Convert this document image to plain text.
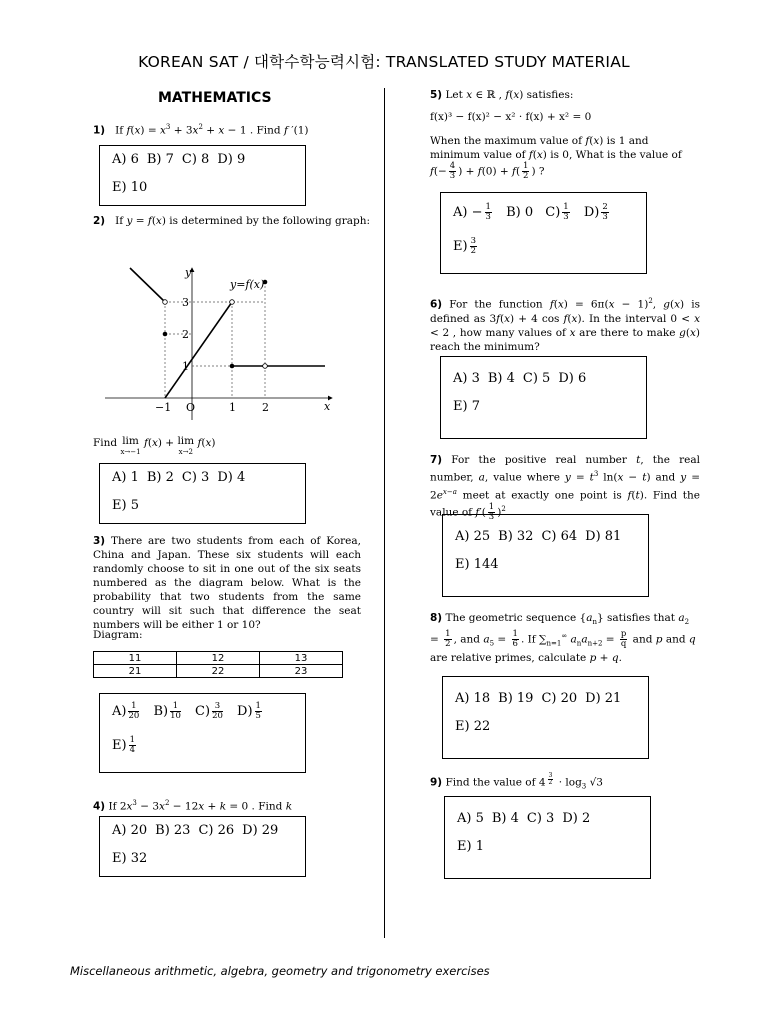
KOREAN SAT / 대학수학능력시험: TRANSLATED STUDY MATERIAL
MATHEMATICS
1)   If $f(x) = x^3 + 3x^2 + x - 1$ . Find f ′(1)
A) 6 B) 7 C) 8 D) 9
E) 10
2)   If y = f(x) is determined by the following graph:
y=f(x)
y
x
O
−1	1 2
1
2
3
Find lim
x→−1 f(x) + lim
x→2 f(x)
A) 1 B) 2 C) 3 D) 4
E) 5
3) There are two students from each of Korea, China and Japan. These six students will each randomly choose to sit in one out of the six seats numbered as the diagram below. What is the probability that two students from the same country will sit such that difference the seat numbers will be either 1 or 10?
Diagram:
11	12	13
21	22	23
$A) \frac{1}{20} B) \frac{1}{10} C) \frac{3}{20} D) \frac{1}{5}$
$E) \frac{1}{4}$
4) If $2x^3 - 3x^2 - 12x + k = 0$ . Find k
A) 20 B) 23 C) 26 D) 29
E) 32
5) Let x ∈ ℝ , f(x) satisfies:
f(x)³ − f(x)² − x² · f(x) + x² = 0
When the maximum value of f(x) is 1 and minimum value of f(x) is 0, What is the value of $f(- \frac{4}{3}$ ) + $f(0) + f( \frac{1}{2}$ ) ?
$A) - \frac{1}{3} B$) 0 $C) \frac{1}{3} D) \frac{2}{3}$
$E) \frac{3}{2}$
6) For the function $f(x) = 6\pi(x - 1)^2$, g(x) is defined as 3f(x) + 4 cos f(x). In the interval 0 < x < 2 , how many values of x are there to make g(x) reach the minimum?
A) 3 B) 4 C) 5 D) 6
E) 7
7) For the positive real number t, the real number, a, value where $y = t^3$ ln(x − t) and $y = 2e^{x-a}$ meet at exactly one point is f(t). Find the value of $f'( \frac{1}{3} )^2$
A) 25 B) 32 C) 64 D) 81
E) 144
8) The geometric sequence $\{a_n\}$ satisfies that $a_2 = \frac{1}{2}$ , and $a_5 = \frac{1}{6}$ . If $\sum_{n=1}^\infty$ $a_na_{n+2} = \frac{p}{q}$ and p and q are relative primes, calculate p + q.
A) 18 B) 19 C) 20 D) 21
E) 22
9) Find the value of 4 $^{\frac{3}{2}} \cdot \log_3 √3$
A) 5 B) 4 C) 3 D) 2
E) 1
Miscellaneous arithmetic, algebra, geometry and trigonometry exercises
